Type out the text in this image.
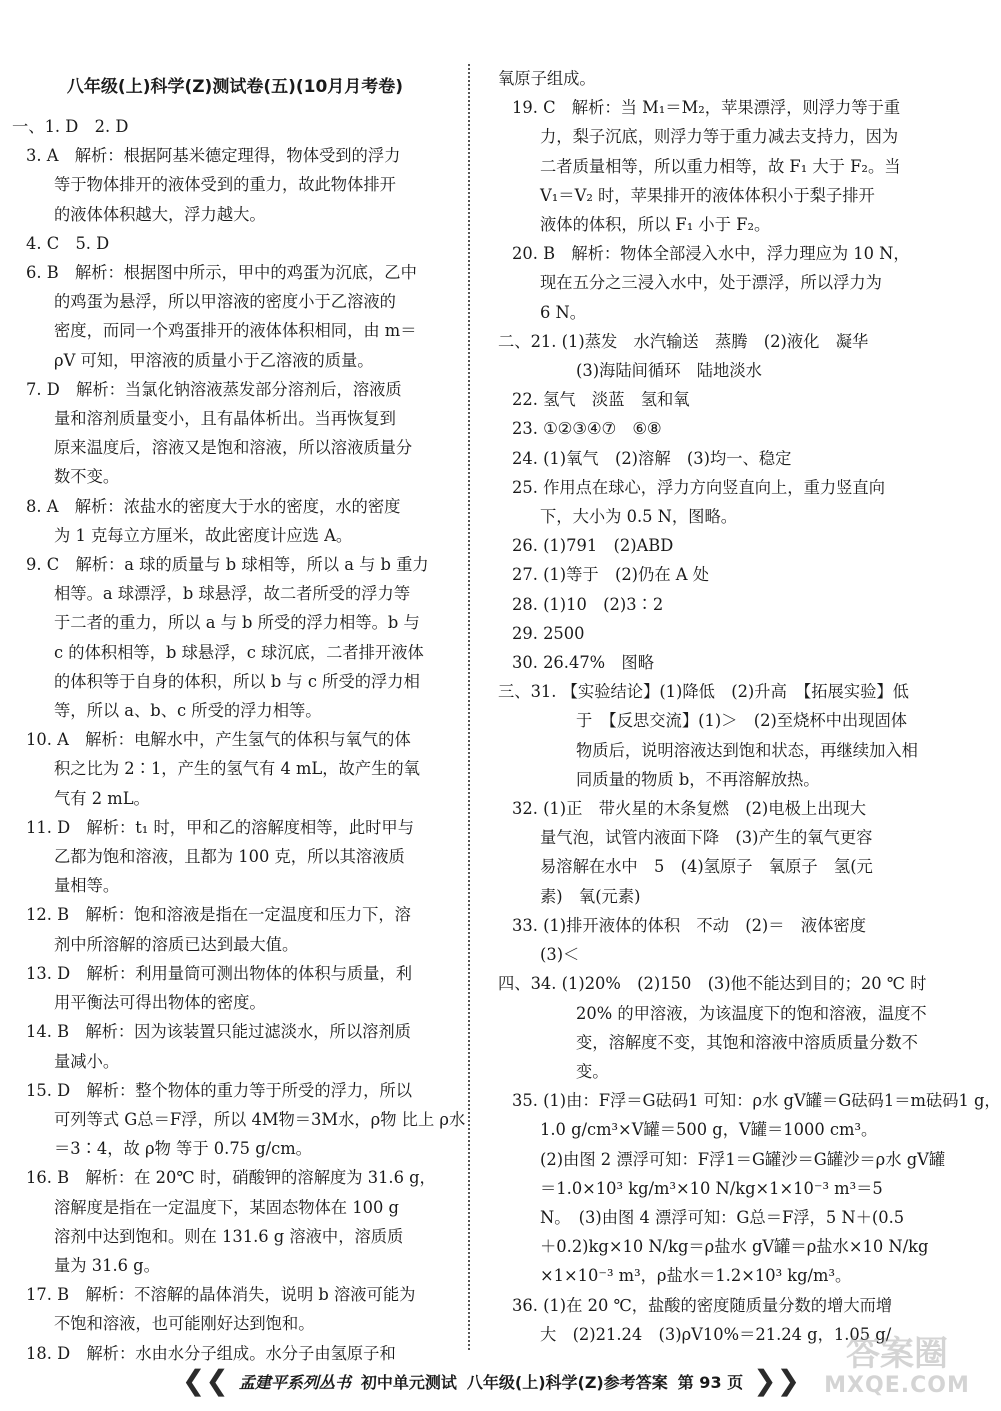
八年级(上)科学(Z)测试卷(五)(10月月考卷)
一、1. D　2. D
3. A　解析：根据阿基米德定理得，物体受到的浮力
等于物体排开的液体受到的重力，故此物体排开
的液体体积越大，浮力越大。
4. C　5. D
6. B　解析：根据图中所示，甲中的鸡蛋为沉底，乙中
的鸡蛋为悬浮，所以甲溶液的密度小于乙溶液的
密度，而同一个鸡蛋排开的液体体积相同，由 m＝
ρV 可知，甲溶液的质量小于乙溶液的质量。
7. D　解析：当氯化钠溶液蒸发部分溶剂后，溶液质
量和溶剂质量变小，且有晶体析出。当再恢复到
原来温度后，溶液又是饱和溶液，所以溶液质量分
数不变。
8. A　解析：浓盐水的密度大于水的密度，水的密度
为 1 克每立方厘米，故此密度计应选 A。
9. C　解析：a 球的质量与 b 球相等，所以 a 与 b 重力
相等。a 球漂浮，b 球悬浮，故二者所受的浮力等
于二者的重力，所以 a 与 b 所受的浮力相等。b 与
c 的体积相等，b 球悬浮，c 球沉底，二者排开液体
的体积等于自身的体积，所以 b 与 c 所受的浮力相
等，所以 a、b、c 所受的浮力相等。
10. A　解析：电解水中，产生氢气的体积与氧气的体
积之比为 2∶1，产生的氢气有 4 mL，故产生的氧
气有 2 mL。
11. D　解析：t₁ 时，甲和乙的溶解度相等，此时甲与
乙都为饱和溶液，且都为 100 克，所以其溶液质
量相等。
12. B　解析：饱和溶液是指在一定温度和压力下，溶
剂中所溶解的溶质已达到最大值。
13. D　解析：利用量筒可测出物体的体积与质量，利
用平衡法可得出物体的密度。
14. B　解析：因为该装置只能过滤淡水，所以溶剂质
量减小。
15. D　解析：整个物体的重力等于所受的浮力，所以
可列等式 G总＝F浮，所以 4M物＝3M水，ρ物 比上 ρ水
＝3∶4，故 ρ物 等于 0.75 g/cm。
16. B　解析：在 20℃ 时，硝酸钾的溶解度为 31.6 g，
溶解度是指在一定温度下，某固态物体在 100 g
溶剂中达到饱和。则在 131.6 g 溶液中，溶质质
量为 31.6 g。
17. B　解析：不溶解的晶体消失，说明 b 溶液可能为
不饱和溶液，也可能刚好达到饱和。
18. D　解析：水由水分子组成。水分子由氢原子和
氧原子组成。
19. C　解析：当 M₁＝M₂，苹果漂浮，则浮力等于重
力，梨子沉底，则浮力等于重力减去支持力，因为
二者质量相等，所以重力相等，故 F₁ 大于 F₂。当
V₁＝V₂ 时，苹果排开的液体体积小于梨子排开
液体的体积，所以 F₁ 小于 F₂。
20. B　解析：物体全部浸入水中，浮力理应为 10 N，
现在五分之三浸入水中，处于漂浮，所以浮力为
6 N。
二、21. (1)蒸发　水汽输送　蒸腾　(2)液化　凝华
(3)海陆间循环　陆地淡水
22. 氢气　淡蓝　氢和氧
23. ①②③④⑦　⑥⑧
24. (1)氧气　(2)溶解　(3)均一、稳定
25. 作用点在球心，浮力方向竖直向上，重力竖直向
下，大小为 0.5 N，图略。
26. (1)791　(2)ABD
27. (1)等于　(2)仍在 A 处
28. (1)10　(2)3∶2
29. 2500
30. 26.47%　图略
三、31. 【实验结论】(1)降低　(2)升高　【拓展实验】低
于　【反思交流】(1)＞　(2)至烧杯中出现固体
物质后，说明溶液达到饱和状态，再继续加入相
同质量的物质 b，不再溶解放热。
32. (1)正　带火星的木条复燃　(2)电极上出现大
量气泡，试管内液面下降　(3)产生的氧气更容
易溶解在水中　5　(4)氢原子　氧原子　氢(元
素)　氧(元素)
33. (1)排开液体的体积　不动　(2)＝　液体密度
(3)＜
四、34. (1)20%　(2)150　(3)他不能达到目的；20 ℃ 时
20% 的甲溶液，为该温度下的饱和溶液，温度不
变，溶解度不变，其饱和溶液中溶质质量分数不
变。
35. (1)由：F浮＝G砝码1 可知：ρ水 gV罐＝G砝码1＝m砝码1 g，
1.0 g/cm³×V罐＝500 g，V罐＝1000 cm³。
(2)由图 2 漂浮可知：F浮1＝G罐沙＝G罐沙＝ρ水 gV罐
＝1.0×10³ kg/m³×10 N/kg×1×10⁻³ m³＝5
N。　(3)由图 4 漂浮可知：G总＝F浮，5 N＋(0.5
＋0.2)kg×10 N/kg＝ρ盐水 gV罐＝ρ盐水×10 N/kg
×1×10⁻³ m³，ρ盐水＝1.2×10³ kg/m³。
36. (1)在 20 ℃，盐酸的密度随质量分数的增大而增
大　(2)21.24　(3)ρV10%＝21.24 g，1.05 g/
❮❮ 孟建平系列丛书 初中单元测试 八年级(上)科学(Z)参考答案 第 93 页 ❯❯
答案圈
MXQE.COM
